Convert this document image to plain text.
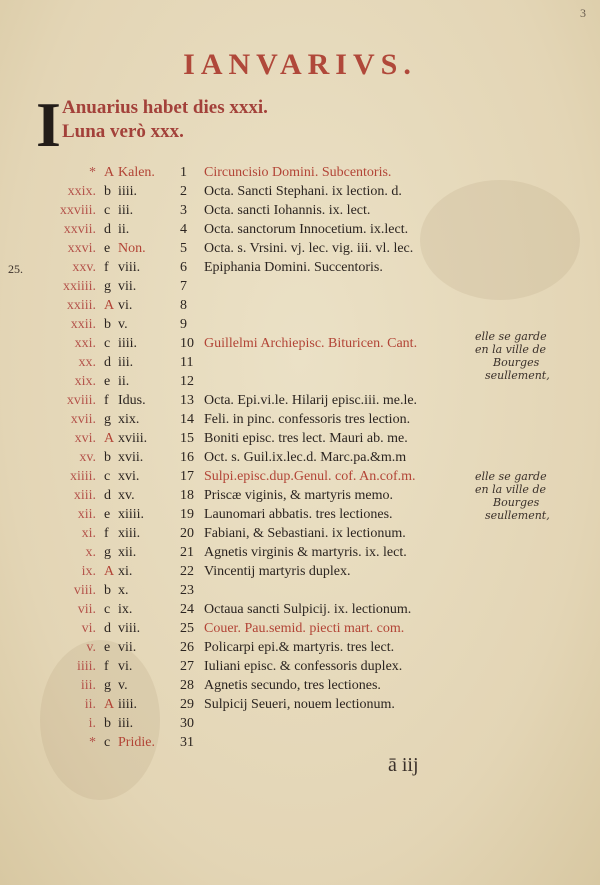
3
IANVARIVS.
I Anuarius habet dies xxxi.
Luna verò xxx.
25.
* A Kalen. 1 Circuncisio Domini. Subcentoris.
xxix. b iiii.	2 Octa. Sancti Stephani. ix lection. d.
xxviii. c iii.	3 Octa. sancti Iohannis. ix. lect.
xxvii. d ii.	4 Octa. sanctorum Innocetium. ix.lect.
xxvi. e Non. 5 Octa. s. Vrsini. vj. lec. vig. iii. vl. lec.
xxv. f viii.	6 Epiphania Domini. Succentoris.
xxiiii. g vii.	7
xxiii. A vi.	8
xxii. b v.	9
xxi. c iiii.	10 Guillelmi Archiepisc. Bituricen. Cant.
xx. d iii.	11
xix. e ii.	12
xviii. f Idus. 13 Octa. Epi.vi.le. Hilarij episc.iii. me.le.
xvii. g xix.	14 Feli. in pinc. confessoris tres lection.
xvi. A xviii. 15 Boniti episc. tres lect. Mauri ab. me.
xv. b xvii.	16 Oct. s. Guil.ix.lec.d. Marc.pa.&m.m
xiiii. c xvi.	17 Sulpi.episc.dup.Genul. cof. An.cof.m.
xiii. d xv.	18 Priscæ viginis, & martyris memo.
xii. e xiiii.	19 Launomari abbatis. tres lectiones.
xi. f xiii.	20 Fabiani, & Sebastiani. ix lectionum.
x. g xii.	21 Agnetis virginis & martyris. ix. lect.
ix. A xi.	22 Vincentij martyris duplex.
viii. b x.	23
vii. c ix.	24 Octaua sancti Sulpicij. ix. lectionum.
vi. d viii.	25 Couer. Pau.semid. piecti mart. com.
v. e vii.	26 Policarpi epi.& martyris. tres lect.
iiii. f vi.	27 Iuliani episc. & confessoris duplex.
iii. g v.	28 Agnetis secundo, tres lectiones.
ii. A iiii.	29 Sulpicij Seueri, nouem lectionum.
i. b iii.	30
* c Pridie. 31
elle se garde
en la ville de
Bourges
seullement,
elle se garde
en la ville de
Bourges
seullement,
ā iij
